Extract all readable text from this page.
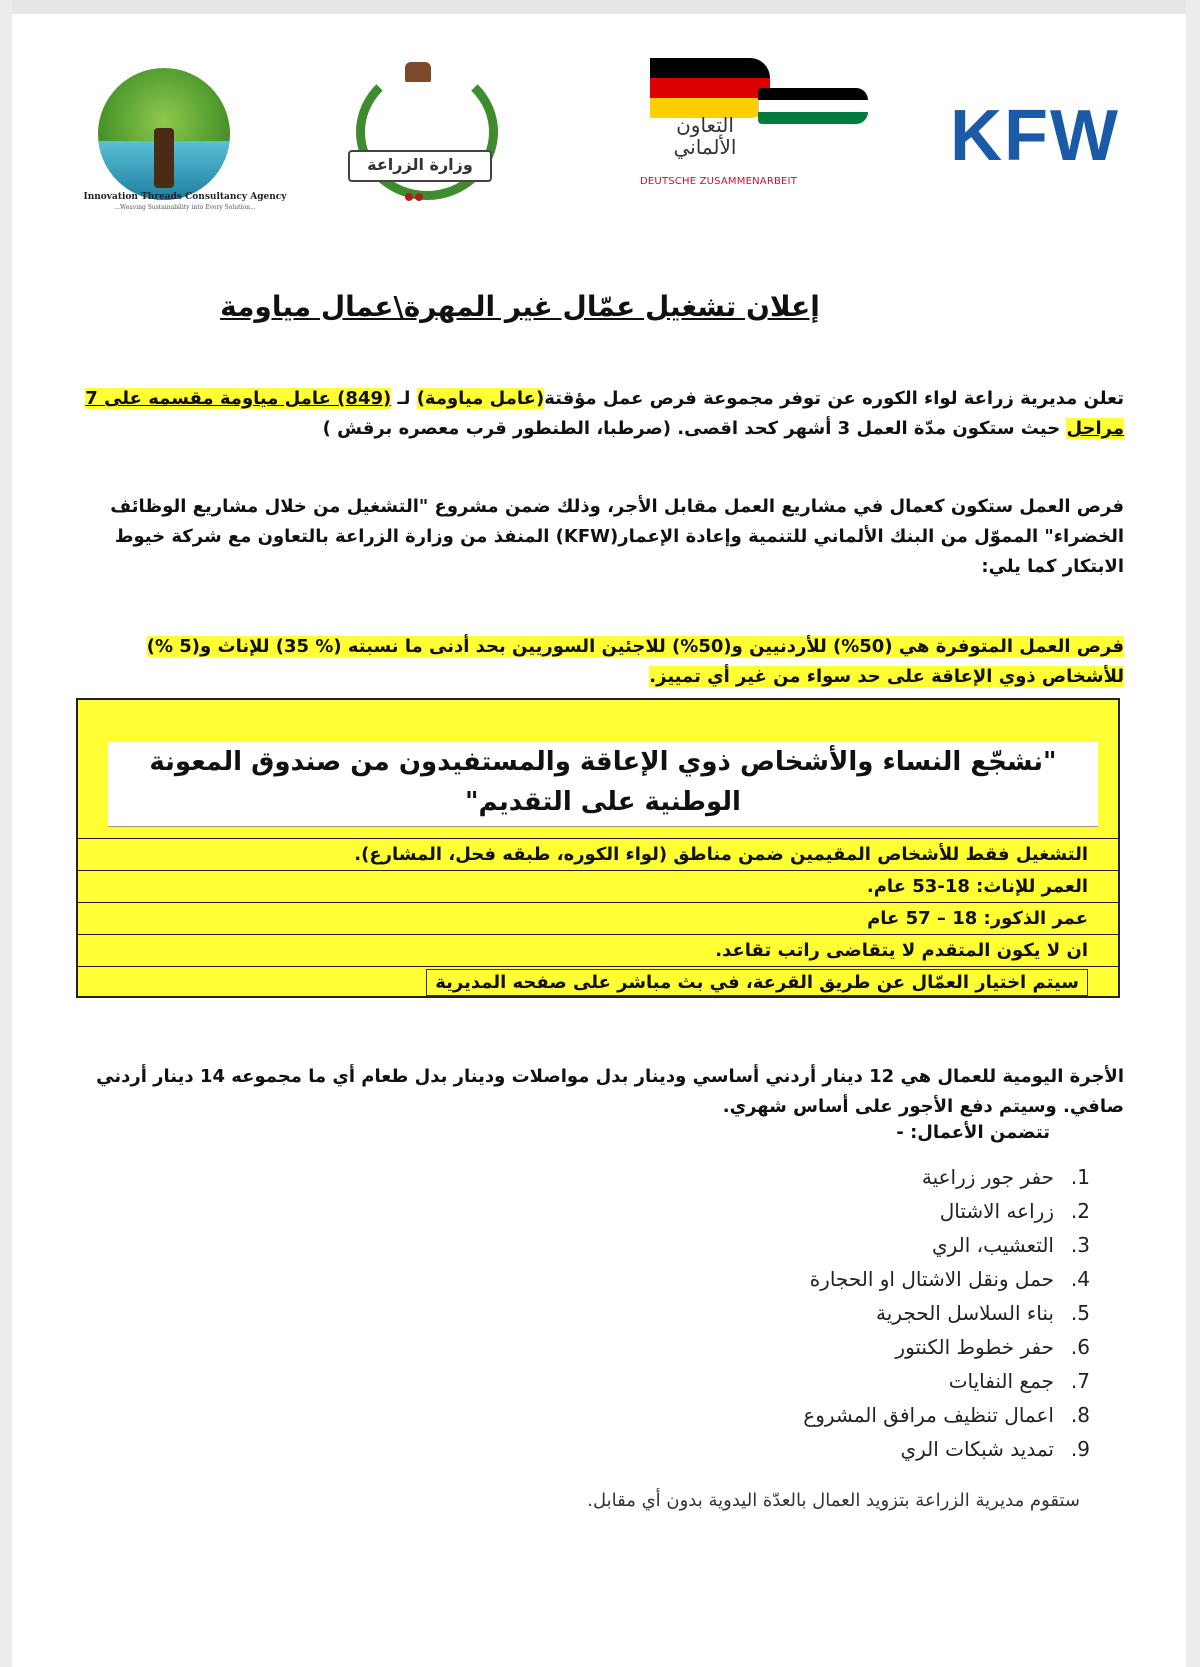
Innovation Threads Consultancy Agency
...Weaving Sustainability into Every Solution...
وزارة الزراعة
التعاون
الألماني
DEUTSCHE ZUSAMMENARBEIT
KFW
إعلان تشغيل عمّال غير المهرة\عمال مياومة
تعلن مديرية زراعة لواء الكوره عن توفر مجموعة فرص عمل مؤقتة(عامل مياومة) لـ (849) عامل مياومة مقسمه على 7 مراحل حيث ستكون مدّة العمل 3 أشهر كحد اقصى. (صرطبا، الطنطور قرب معصره برقش )
فرص العمل ستكون كعمال في مشاريع العمل مقابل الأجر، وذلك ضمن مشروع "التشغيل من خلال مشاريع الوظائف الخضراء" المموّل من البنك الألماني للتنمية وإعادة الإعمار(KFW) المنفذ من وزارة الزراعة بالتعاون مع شركة خيوط الابتكار كما يلي:
فرص العمل المتوفرة هي (50%) للأردنيين و(50%) للاجئين السوريين بحد أدنى ما نسبته (% 35) للإناث و(5 %) للأشخاص ذوي الإعاقة على حد سواء من غير أي تمييز.
"نشجّع النساء والأشخاص ذوي الإعاقة والمستفيدون من صندوق المعونة الوطنية على التقديم"
التشغيل فقط للأشخاص المقيمين ضمن مناطق (لواء الكوره، طبقه فحل، المشارع).
العمر للإناث: 18-53 عام.
عمر الذكور: 18 – 57 عام
ان لا يكون المتقدم لا يتقاضى راتب تقاعد.
سيتم اختيار العمّال عن طريق القرعة، في بث مباشر على صفحه المديرية
الأجرة اليومية للعمال هي 12 دينار أردني أساسي ودينار بدل مواصلات ودينار بدل طعام أي ما مجموعه 14 دينار أردني صافي. وسيتم دفع الأجور على أساس شهري.
تتضمن الأعمال: -
1.حفر جور زراعية
2.زراعه الاشتال
3.التعشيب، الري
4.حمل ونقل الاشتال او الحجارة
5.بناء السلاسل الحجرية
6.حفر خطوط الكنتور
7.جمع النفايات
8.اعمال تنظيف مرافق المشروع
9.تمديد شبكات الري
ستقوم مديرية الزراعة بتزويد العمال بالعدّة اليدوية بدون أي مقابل.
